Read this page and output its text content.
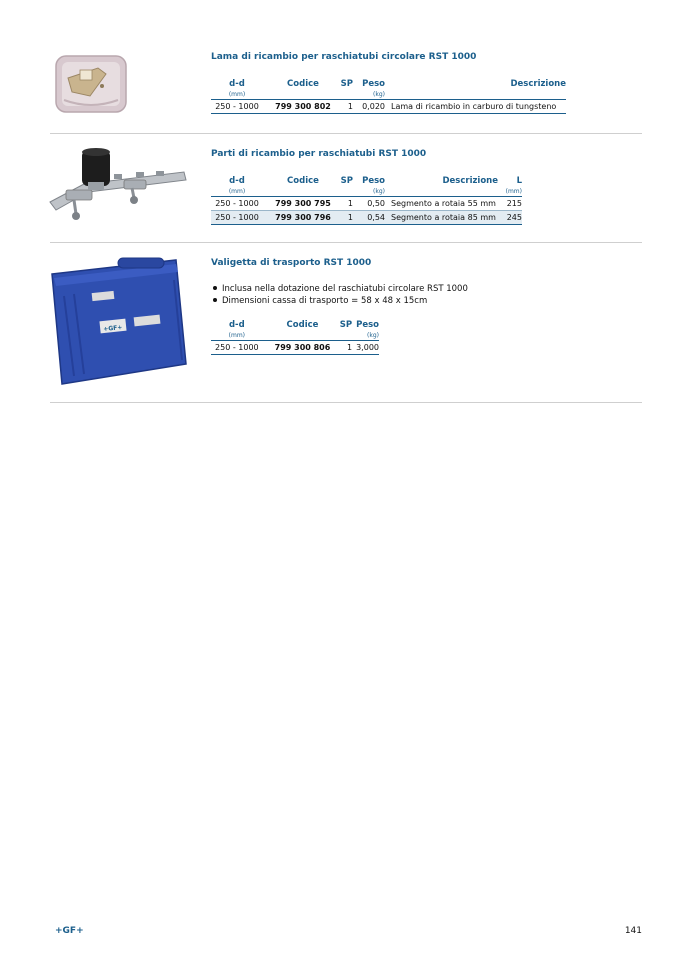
Lama di ricambio per raschiatubi circolare RST 1000
d-d	Codice	SP	Peso	Descrizione
(mm)			(kg)	
250 - 1000	799 300 802	1	0,020	Lama di ricambio in carburo di tungsteno
Parti di ricambio per raschiatubi RST 1000
d-d	Codice	SP	Peso	Descrizione	L
(mm)			(kg)		(mm)
250 - 1000	799 300 795	1	0,50	Segmento a rotaia 55 mm	215
250 - 1000	799 300 796	1	0,54	Segmento a rotaia 85 mm	245
+GF+
Valigetta di trasporto RST 1000
Inclusa nella dotazione del raschiatubi circolare RST 1000
Dimensioni cassa di trasporto = 58 x 48 x 15cm
d-d	Codice	SP	Peso
(mm)			(kg)
250 - 1000	799 300 806	1	3,000
+GF+	141
